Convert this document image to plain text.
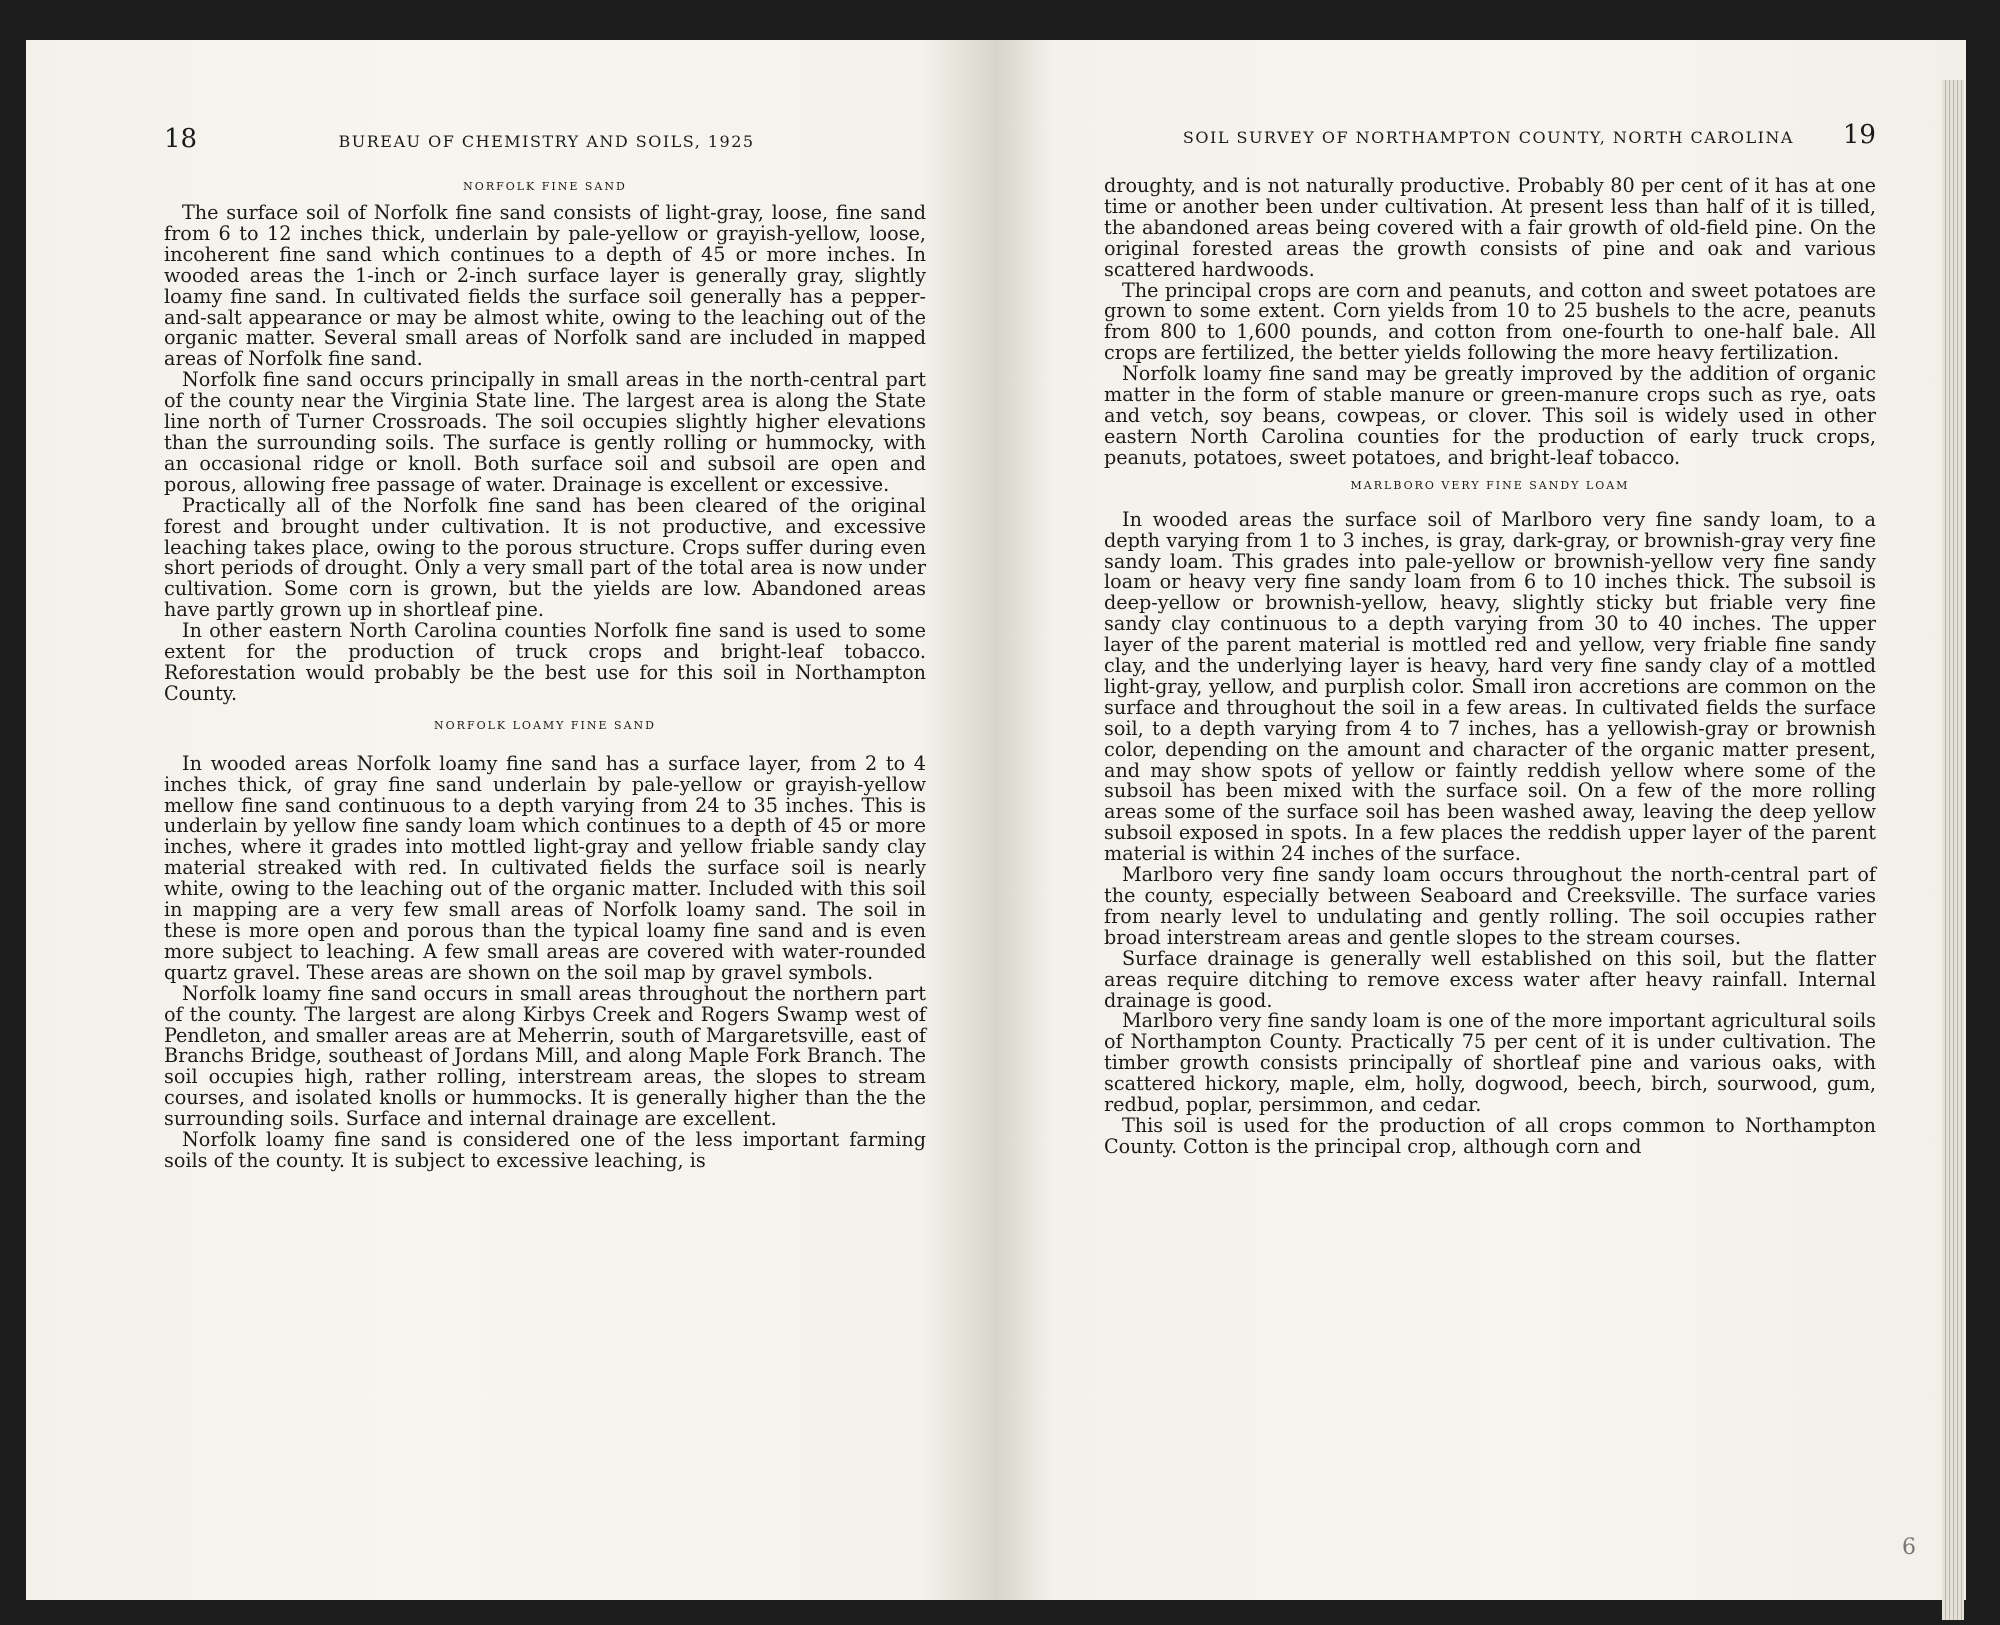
18	BUREAU OF CHEMISTRY AND SOILS, 1925
NORFOLK FINE SAND

The surface soil of Norfolk fine sand consists of light-gray, loose, fine sand from 6 to 12 inches thick, underlain by pale-yellow or grayish-yellow, loose, incoherent fine sand which continues to a depth of 45 or more inches. In wooded areas the 1-inch or 2-inch surface layer is generally gray, slightly loamy fine sand. In cultivated fields the surface soil generally has a pepper-and-salt appearance or may be almost white, owing to the leaching out of the organic matter. Several small areas of Norfolk sand are included in mapped areas of Norfolk fine sand.

Norfolk fine sand occurs principally in small areas in the north-central part of the county near the Virginia State line. The largest area is along the State line north of Turner Crossroads. The soil occupies slightly higher elevations than the surrounding soils. The surface is gently rolling or hummocky, with an occasional ridge or knoll. Both surface soil and subsoil are open and porous, allowing free passage of water. Drainage is excellent or excessive.

Practically all of the Norfolk fine sand has been cleared of the original forest and brought under cultivation. It is not productive, and excessive leaching takes place, owing to the porous structure. Crops suffer during even short periods of drought. Only a very small part of the total area is now under cultivation. Some corn is grown, but the yields are low. Abandoned areas have partly grown up in shortleaf pine.

In other eastern North Carolina counties Norfolk fine sand is used to some extent for the production of truck crops and bright-leaf tobacco. Reforestation would probably be the best use for this soil in Northampton County.

NORFOLK LOAMY FINE SAND

In wooded areas Norfolk loamy fine sand has a surface layer, from 2 to 4 inches thick, of gray fine sand underlain by pale-yellow or grayish-yellow mellow fine sand continuous to a depth varying from 24 to 35 inches. This is underlain by yellow fine sandy loam which continues to a depth of 45 or more inches, where it grades into mottled light-gray and yellow friable sandy clay material streaked with red. In cultivated fields the surface soil is nearly white, owing to the leaching out of the organic matter. Included with this soil in mapping are a very few small areas of Norfolk loamy sand. The soil in these is more open and porous than the typical loamy fine sand and is even more subject to leaching. A few small areas are covered with water-rounded quartz gravel. These areas are shown on the soil map by gravel symbols.

Norfolk loamy fine sand occurs in small areas throughout the northern part of the county. The largest are along Kirbys Creek and Rogers Swamp west of Pendleton, and smaller areas are at Meherrin, south of Margaretsville, east of Branchs Bridge, southeast of Jordans Mill, and along Maple Fork Branch. The soil occupies high, rather rolling, interstream areas, the slopes to stream courses, and isolated knolls or hummocks. It is generally higher than the the surrounding soils. Surface and internal drainage are excellent.

Norfolk loamy fine sand is considered one of the less important farming soils of the county. It is subject to excessive leaching, is

SOIL SURVEY OF NORTHAMPTON COUNTY, NORTH CAROLINA 19

droughty, and is not naturally productive. Probably 80 per cent of it has at one time or another been under cultivation. At present less than half of it is tilled, the abandoned areas being covered with a fair growth of old-field pine. On the original forested areas the growth consists of pine and oak and various scattered hardwoods.

The principal crops are corn and peanuts, and cotton and sweet potatoes are grown to some extent. Corn yields from 10 to 25 bushels to the acre, peanuts from 800 to 1,600 pounds, and cotton from one-fourth to one-half bale. All crops are fertilized, the better yields following the more heavy fertilization.

Norfolk loamy fine sand may be greatly improved by the addition of organic matter in the form of stable manure or green-manure crops such as rye, oats and vetch, soy beans, cowpeas, or clover. This soil is widely used in other eastern North Carolina counties for the production of early truck crops, peanuts, potatoes, sweet potatoes, and bright-leaf tobacco.

MARLBORO VERY FINE SANDY LOAM

In wooded areas the surface soil of Marlboro very fine sandy loam, to a depth varying from 1 to 3 inches, is gray, dark-gray, or brownish-gray very fine sandy loam. This grades into pale-yellow or brownish-yellow very fine sandy loam or heavy very fine sandy loam from 6 to 10 inches thick. The subsoil is deep-yellow or brownish-yellow, heavy, slightly sticky but friable very fine sandy clay continuous to a depth varying from 30 to 40 inches. The upper layer of the parent material is mottled red and yellow, very friable fine sandy clay, and the underlying layer is heavy, hard very fine sandy clay of a mottled light-gray, yellow, and purplish color. Small iron accretions are common on the surface and throughout the soil in a few areas. In cultivated fields the surface soil, to a depth varying from 4 to 7 inches, has a yellowish-gray or brownish color, depending on the amount and character of the organic matter present, and may show spots of yellow or faintly reddish yellow where some of the subsoil has been mixed with the surface soil. On a few of the more rolling areas some of the surface soil has been washed away, leaving the deep yellow subsoil exposed in spots. In a few places the reddish upper layer of the parent material is within 24 inches of the surface.

Marlboro very fine sandy loam occurs throughout the north-central part of the county, especially between Seaboard and Creeksville. The surface varies from nearly level to undulating and gently rolling. The soil occupies rather broad interstream areas and gentle slopes to the stream courses.

Surface drainage is generally well established on this soil, but the flatter areas require ditching to remove excess water after heavy rainfall. Internal drainage is good.

Marlboro very fine sandy loam is one of the more important agricultural soils of Northampton County. Practically 75 per cent of it is under cultivation. The timber growth consists principally of shortleaf pine and various oaks, with scattered hickory, maple, elm, holly, dogwood, beech, birch, sourwood, gum, redbud, poplar, persimmon, and cedar.

This soil is used for the production of all crops common to Northampton County. Cotton is the principal crop, although corn and

6
